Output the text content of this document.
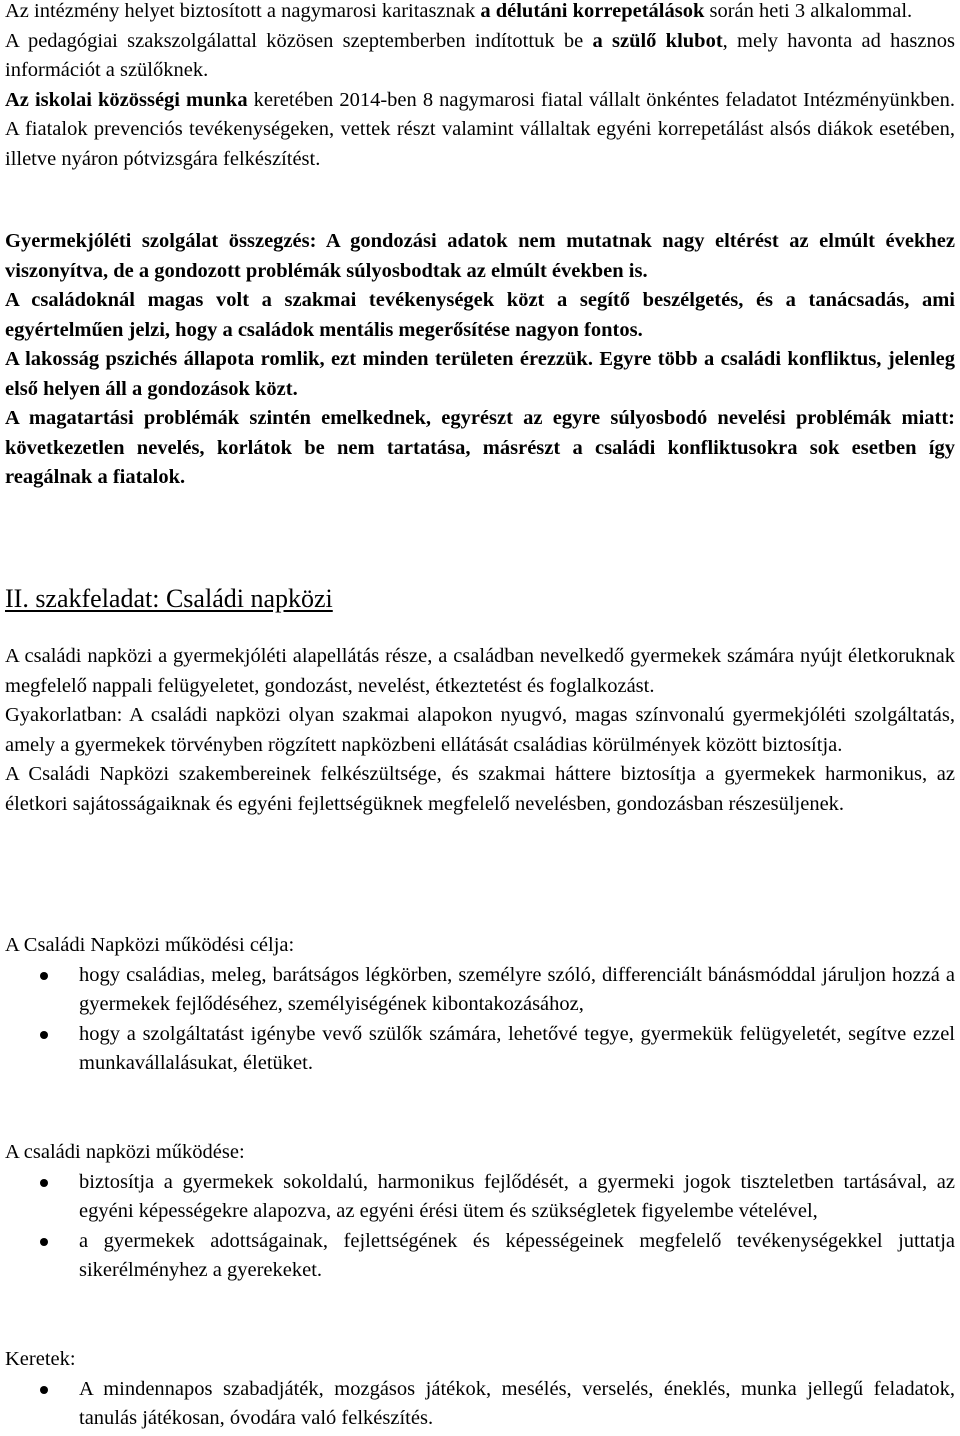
Az intézmény helyet biztosított a nagymarosi karitasznak a délutáni korrepetálások során heti 3 alkalommal.

A pedagógiai szakszolgálattal közösen szeptemberben indítottuk be a szülő klubot, mely havonta ad hasznos információt a szülőknek.

Az iskolai közösségi munka keretében 2014-ben 8 nagymarosi fiatal vállalt önkéntes feladatot Intézményünkben. A fiatalok prevenciós tevékenységeken, vettek részt valamint vállaltak egyéni korrepetálást alsós diákok esetében, illetve nyáron pótvizsgára felkészítést.

Gyermekjóléti szolgálat összegzés: A gondozási adatok nem mutatnak nagy eltérést az elmúlt évekhez viszonyítva, de a gondozott problémák súlyosbodtak az elmúlt években is.

A családoknál magas volt a szakmai tevékenységek közt a segítő beszélgetés, és a tanácsadás, ami egyértelműen jelzi, hogy a családok mentális megerősítése nagyon fontos.

A lakosság pszichés állapota romlik, ezt minden területen érezzük. Egyre több a családi konfliktus, jelenleg első helyen áll a gondozások közt.

A magatartási problémák szintén emelkednek, egyrészt az egyre súlyosbodó nevelési problémák miatt: következetlen nevelés, korlátok be nem tartatása, másrészt a családi konfliktusokra sok esetben így reagálnak a fiatalok.

II. szakfeladat: Családi napközi

A családi napközi a gyermekjóléti alapellátás része, a családban nevelkedő gyermekek számára nyújt életkoruknak megfelelő nappali felügyeletet, gondozást, nevelést, étkeztetést és foglalkozást.

Gyakorlatban: A családi napközi olyan szakmai alapokon nyugvó, magas színvonalú gyermekjóléti szolgáltatás, amely a gyermekek törvényben rögzített napközbeni ellátását családias körülmények között biztosítja.

A Családi Napközi szakembereinek felkészültsége, és szakmai háttere biztosítja a gyermekek harmonikus, az életkori sajátosságaiknak és egyéni fejlettségüknek megfelelő nevelésben, gondozásban részesüljenek.

A Családi Napközi működési célja:

hogy családias, meleg, barátságos légkörben, személyre szóló, differenciált bánásmóddal járuljon hozzá a gyermekek fejlődéséhez, személyiségének kibontakozásához,
hogy a szolgáltatást igénybe vevő szülők számára, lehetővé tegye, gyermekük felügyeletét, segítve ezzel munkavállalásukat, életüket.

A családi napközi működése:

biztosítja a gyermekek sokoldalú, harmonikus fejlődését, a gyermeki jogok tiszteletben tartásával, az egyéni képességekre alapozva, az egyéni érési ütem és szükségletek figyelembe vételével,
a gyermekek adottságainak, fejlettségének és képességeinek megfelelő tevékenységekkel juttatja sikerélményhez a gyerekeket.

Keretek:

A mindennapos szabadjáték, mozgásos játékok, mesélés, verselés, éneklés, munka jellegű feladatok, tanulás játékosan, óvodára való felkészítés.
